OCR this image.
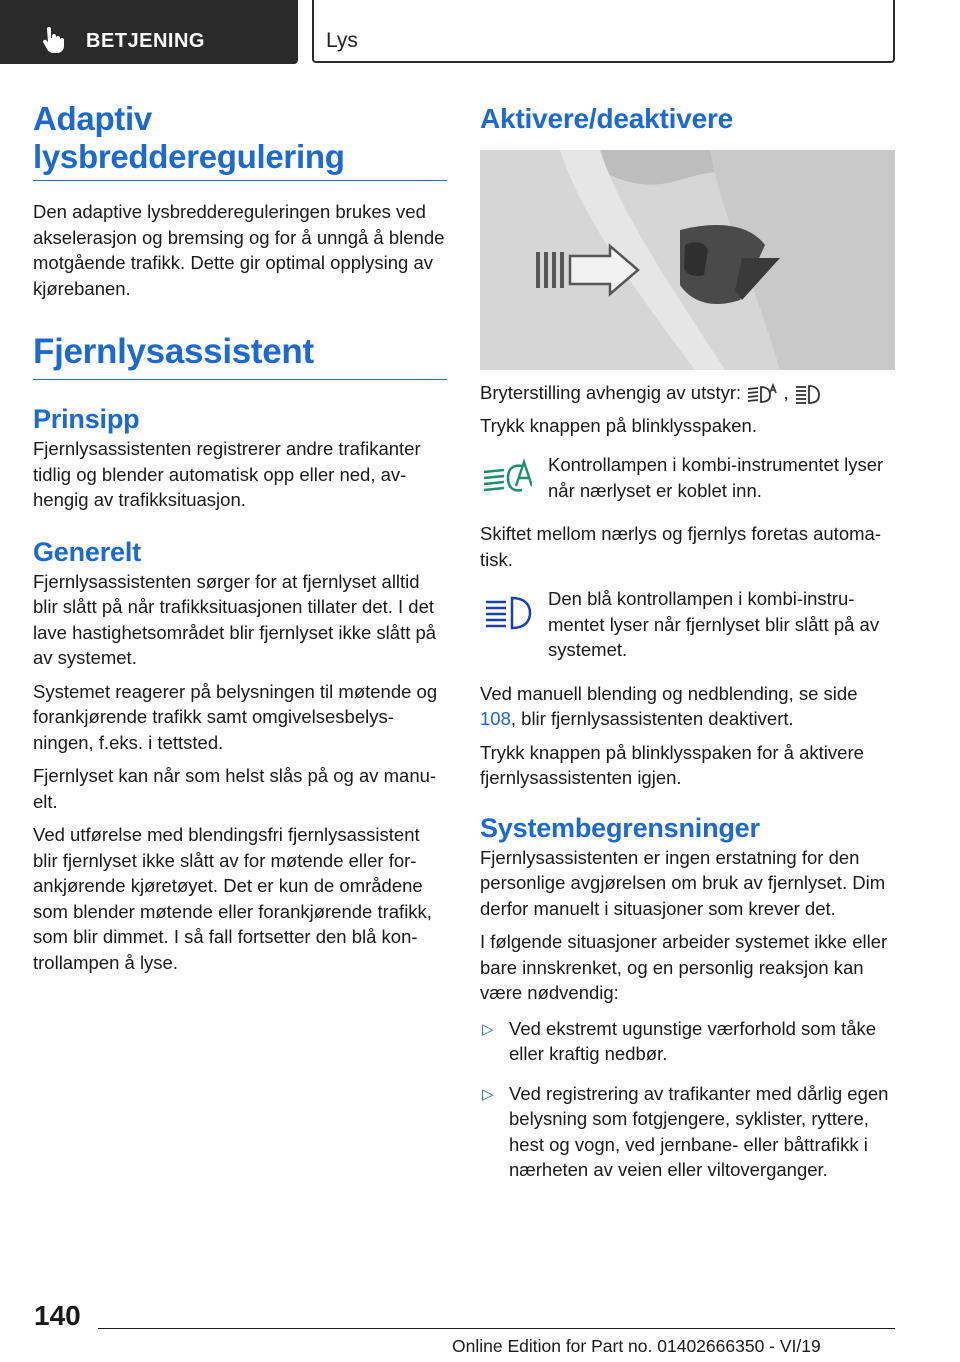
BETJENING	Lys
Adaptiv lysbredderegulering

Den adaptive lysbreddereguleringen brukes ved akselerasjon og bremsing og for å unngå å blende motgående trafikk. Dette gir optimal opplysing av kjørebanen.

Fjernlysassistent
Prinsipp

Fjernlysassistenten registrerer andre trafikanter tidlig og blender automatisk opp eller ned, avhengig av trafikksituasjon.

Generelt

Fjernlysassistenten sørger for at fjernlyset alltid blir slått på når trafikksituasjonen tillater det. I det lave hastighetsområdet blir fjernlyset ikke slått på av systemet.

Systemet reagerer på belysningen til møtende og forankjørende trafikk samt omgivelsesbelysningen, f.eks. i tettsted.

Fjernlyset kan når som helst slås på og av manuelt.

Ved utførelse med blendingsfri fjernlysassistent blir fjernlyset ikke slått av for møtende eller forankjørende kjøretøyet. Det er kun de områdene som blender møtende eller forankjørende trafikk, som blir dimmet. I så fall fortsetter den blå kontrollampen å lyse.

Aktivere/deaktivere

Bryterstilling avhengig av utstyr: ,

Trykk knappen på blinklysspaken.

Kontrollampen i kombi-instrumentet lyser når nærlyset er koblet inn.

Skiftet mellom nærlys og fjernlys foretas automatisk.

Den blå kontrollampen i kombi-instrumentet lyser når fjernlyset blir slått på av systemet.

Ved manuell blending og nedblending, se side 108, blir fjernlysassistenten deaktivert.

Trykk knappen på blinklysspaken for å aktivere fjernlysassistenten igjen.

Systembegrensninger

Fjernlysassistenten er ingen erstatning for den personlige avgjørelsen om bruk av fjernlyset. Dim derfor manuelt i situasjoner som krever det.

I følgende situasjoner arbeider systemet ikke eller bare innskrenket, og en personlig reaksjon kan være nødvendig:

▷ Ved ekstremt ugunstige værforhold som tåke eller kraftig nedbør.
▷ Ved registrering av trafikanter med dårlig egen belysning som fotgjengere, syklister, ryttere, hest og vogn, ved jernbane- eller båttrafikk i nærheten av veien eller viltoverganger.
140
Online Edition for Part no. 01402666350 - VI/19
